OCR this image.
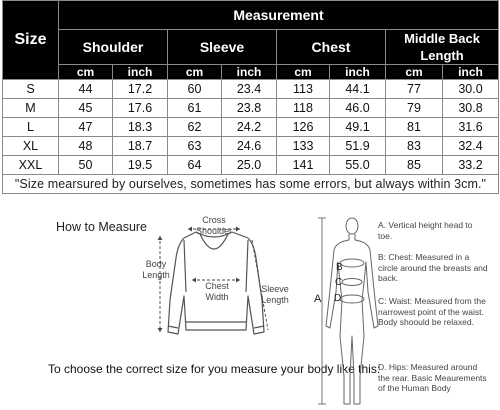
Size	Measurement							
	Shoulder		Sleeve		Chest		Middle Back Length	
	cm	inch	cm	inch	cm	inch	cm	inch
S	44	17.2	60	23.4	113	44.1	77	30.0
M	45	17.6	61	23.8	118	46.0	79	30.8
L	47	18.3	62	24.2	126	49.1	81	31.6
XL	48	18.7	63	24.6	133	51.9	83	32.4
XXL	50	19.5	64	25.0	141	55.0	85	33.2
"Size mearsured by ourselves, sometimes has some errors, but always within 3cm."								
How to Measure	Cross Shoulder
Body Length
Chest Width
Sleeve Length
To choose the correct size for you measure your body like this:
A
B
C
D
A. Vertical height head to toe.
B: Chest: Measured in a circle around the breasts and back.
C: Waist: Measured from the narrowest point of the waist. Body shoould be relaxed.
D. Hips: Measured around the rear. Basic Meaurements of the Human Body
